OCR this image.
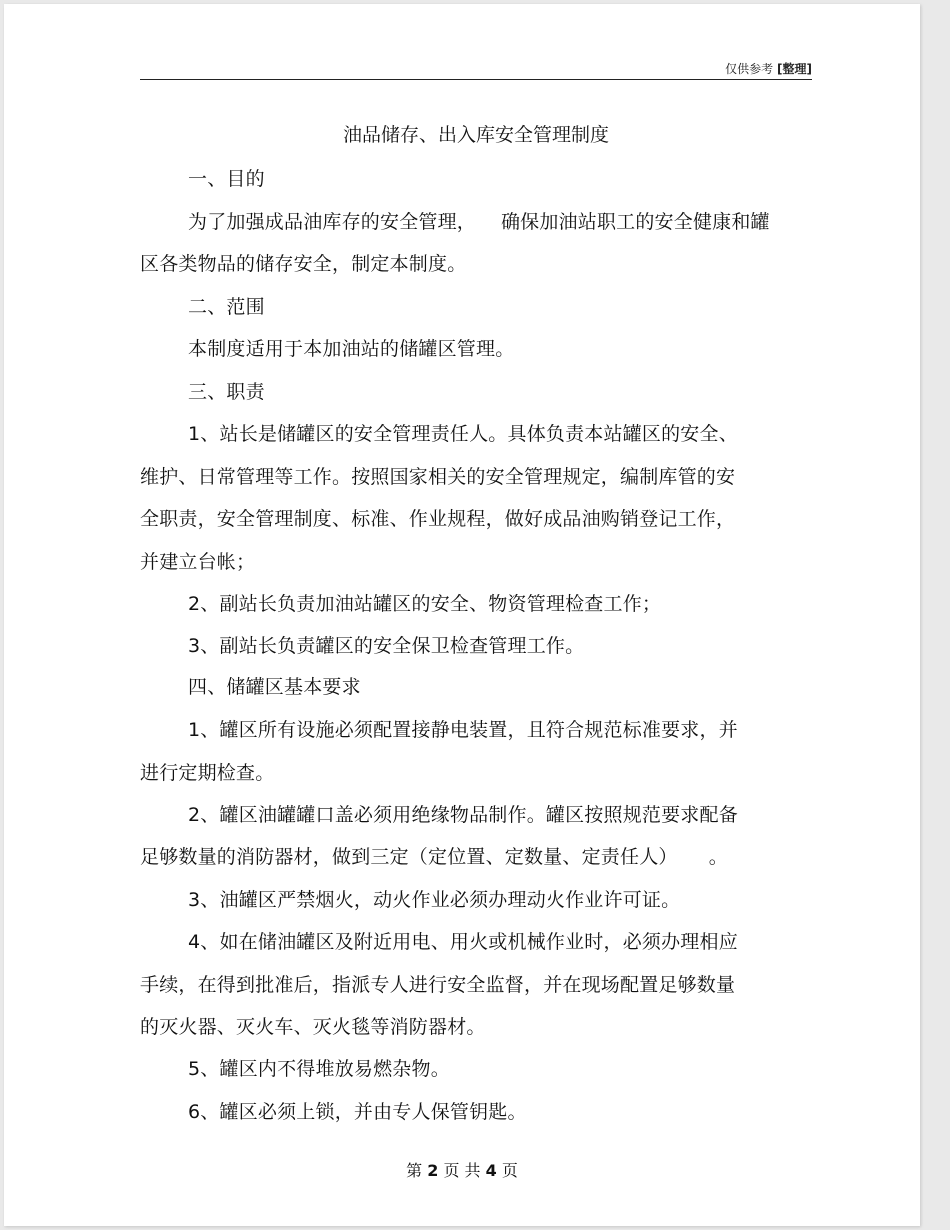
仅供参考 [整理]
油品储存、出入库安全管理制度
一、目的
为了加强成品油库存的安全管理，    确保加油站职工的安全健康和罐
区各类物品的储存安全，制定本制度。
二、范围
本制度适用于本加油站的储罐区管理。
三、职责
1、站长是储罐区的安全管理责任人。具体负责本站罐区的安全、
维护、日常管理等工作。按照国家相关的安全管理规定，编制库管的安
全职责，安全管理制度、标准、作业规程，做好成品油购销登记工作，
并建立台帐；
2、副站长负责加油站罐区的安全、物资管理检查工作；
3、副站长负责罐区的安全保卫检查管理工作。
四、储罐区基本要求
1、罐区所有设施必须配置接静电装置，且符合规范标准要求，并
进行定期检查。
2、罐区油罐罐口盖必须用绝缘物品制作。罐区按照规范要求配备
足够数量的消防器材，做到三定（定位置、定数量、定责任人）     。
3、油罐区严禁烟火，动火作业必须办理动火作业许可证。
4、如在储油罐区及附近用电、用火或机械作业时，必须办理相应
手续，在得到批准后，指派专人进行安全监督，并在现场配置足够数量
的灭火器、灭火车、灭火毯等消防器材。
5、罐区内不得堆放易燃杂物。
6、罐区必须上锁，并由专人保管钥匙。
第 2 页 共 4 页
